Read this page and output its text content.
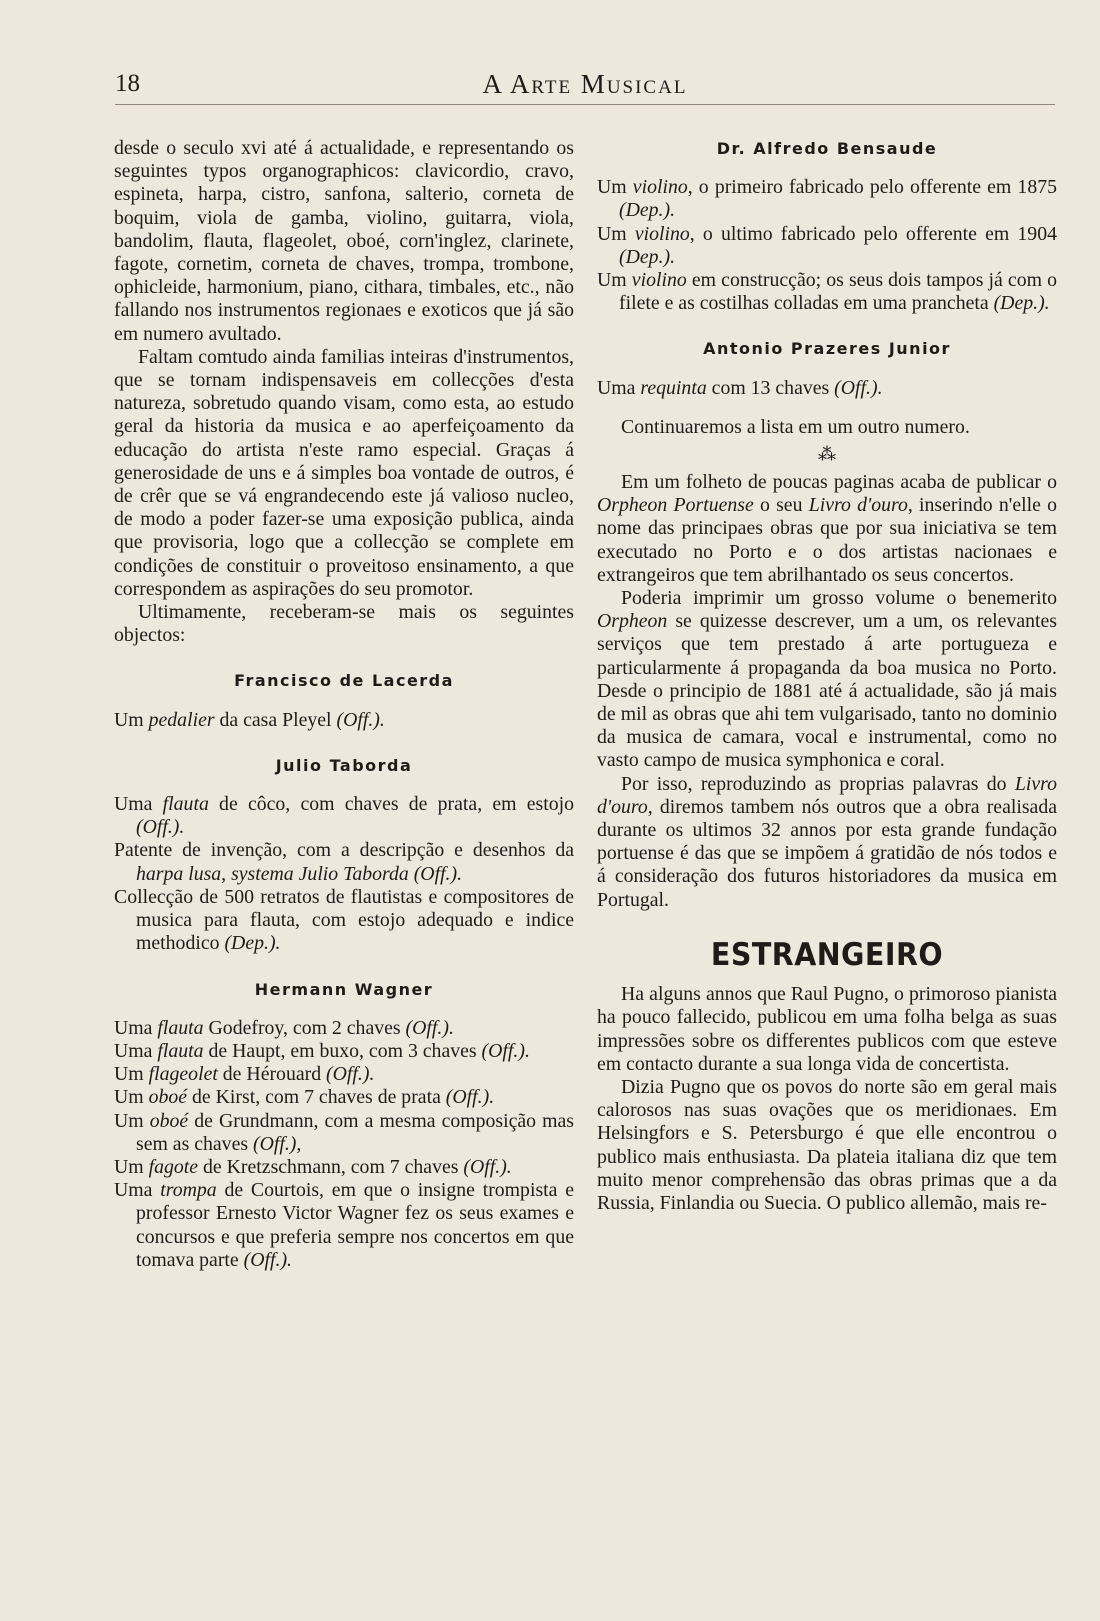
18	A Arte Musical

desde o seculo xvi até á actualidade, e representando os seguintes typos organographicos: clavicordio, cravo, espineta, harpa, cistro, sanfona, salterio, corneta de boquim, viola de gamba, violino, guitarra, viola, bandolim, flauta, flageolet, oboé, corn'inglez, clarinete, fagote, cornetim, corneta de chaves, trompa, trombone, ophicleide, harmonium, piano, cithara, timbales, etc., não fallando nos instrumentos regionaes e exoticos que já são em numero avultado.

Faltam comtudo ainda familias inteiras d'instrumentos, que se tornam indispensaveis em collecções d'esta natureza, sobretudo quando visam, como esta, ao estudo geral da historia da musica e ao aperfeiçoamento da educação do artista n'este ramo especial. Graças á generosidade de uns e á simples boa vontade de outros, é de crêr que se vá engrandecendo este já valioso nucleo, de modo a poder fazer-se uma exposição publica, ainda que provisoria, logo que a collecção se complete em condições de constituir o proveitoso ensinamento, a que correspondem as aspirações do seu promotor.

Ultimamente, receberam-se mais os seguintes objectos:

Francisco de Lacerda

Um pedalier da casa Pleyel (Off.).

Julio Taborda

Uma flauta de côco, com chaves de prata, em estojo (Off.).

Patente de invenção, com a descripção e desenhos da harpa lusa, systema Julio Taborda (Off.).

Collecção de 500 retratos de flautistas e compositores de musica para flauta, com estojo adequado e indice methodico (Dep.).

Hermann Wagner

Uma flauta Godefroy, com 2 chaves (Off.).

Uma flauta de Haupt, em buxo, com 3 chaves (Off.).

Um flageolet de Hérouard (Off.).

Um oboé de Kirst, com 7 chaves de prata (Off.).

Um oboé de Grundmann, com a mesma composição mas sem as chaves (Off.),

Um fagote de Kretzschmann, com 7 chaves (Off.).

Uma trompa de Courtois, em que o insigne trompista e professor Ernesto Victor Wagner fez os seus exames e concursos e que preferia sempre nos concertos em que tomava parte (Off.).

Dr. Alfredo Bensaude

Um violino, o primeiro fabricado pelo offerente em 1875 (Dep.).

Um violino, o ultimo fabricado pelo offerente em 1904 (Dep.).

Um violino em construcção; os seus dois tampos já com o filete e as costilhas colladas em uma prancheta (Dep.).

Antonio Prazeres Junior

Uma requinta com 13 chaves (Off.).

Continuaremos a lista em um outro numero.

⁂

Em um folheto de poucas paginas acaba de publicar o Orpheon Portuense o seu Livro d'ouro, inserindo n'elle o nome das principaes obras que por sua iniciativa se tem executado no Porto e o dos artistas nacionaes e extrangeiros que tem abrilhantado os seus concertos.

Poderia imprimir um grosso volume o benemerito Orpheon se quizesse descrever, um a um, os relevantes serviços que tem prestado á arte portugueza e particularmente á propaganda da boa musica no Porto. Desde o principio de 1881 até á actualidade, são já mais de mil as obras que ahi tem vulgarisado, tanto no dominio da musica de camara, vocal e instrumental, como no vasto campo de musica symphonica e coral.

Por isso, reproduzindo as proprias palavras do Livro d'ouro, diremos tambem nós outros que a obra realisada durante os ultimos 32 annos por esta grande fundação portuense é das que se impõem á gratidão de nós todos e á consideração dos futuros historiadores da musica em Portugal.

ESTRANGEIRO

Ha alguns annos que Raul Pugno, o primoroso pianista ha pouco fallecido, publicou em uma folha belga as suas impressões sobre os differentes publicos com que esteve em contacto durante a sua longa vida de concertista.

Dizia Pugno que os povos do norte são em geral mais calorosos nas suas ovações que os meridionaes. Em Helsingfors e S. Petersburgo é que elle encontrou o publico mais enthusiasta. Da plateia italiana diz que tem muito menor comprehensão das obras primas que a da Russia, Finlandia ou Suecia. O publico allemão, mais re-
